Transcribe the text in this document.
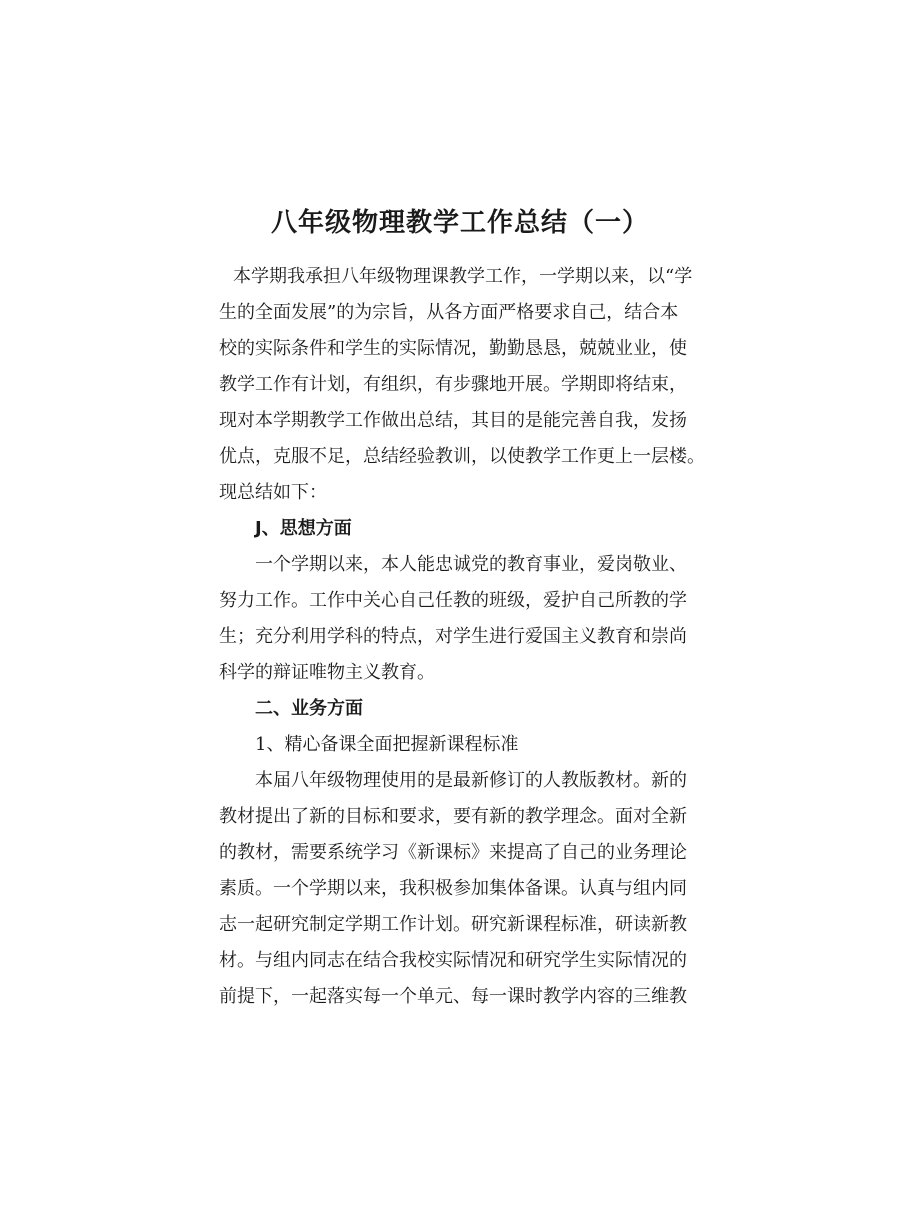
八年级物理教学工作总结（一）
本学期我承担八年级物理课教学工作，一学期以来，以“学
生的全面发展”的为宗旨，从各方面严格要求自己，结合本
校的实际条件和学生的实际情况，勤勤恳恳，兢兢业业，使
教学工作有计划，有组织，有步骤地开展。学期即将结束，
现对本学期教学工作做出总结，其目的是能完善自我，发扬
优点，克服不足，总结经验教训，以使教学工作更上一层楼。
现总结如下：
J、思想方面
一个学期以来，本人能忠诚党的教育事业，爱岗敬业、
努力工作。工作中关心自己任教的班级，爱护自己所教的学
生；充分利用学科的特点，对学生进行爱国主义教育和崇尚
科学的辩证唯物主义教育。
二、业务方面
1、精心备课全面把握新课程标准
本届八年级物理使用的是最新修订的人教版教材。新的
教材提出了新的目标和要求，要有新的教学理念。面对全新
的教材，需要系统学习《新课标》来提高了自己的业务理论
素质。一个学期以来，我积极参加集体备课。认真与组内同
志一起研究制定学期工作计划。研究新课程标准，研读新教
材。与组内同志在结合我校实际情况和研究学生实际情况的
前提下，一起落实每一个单元、每一课时教学内容的三维教
